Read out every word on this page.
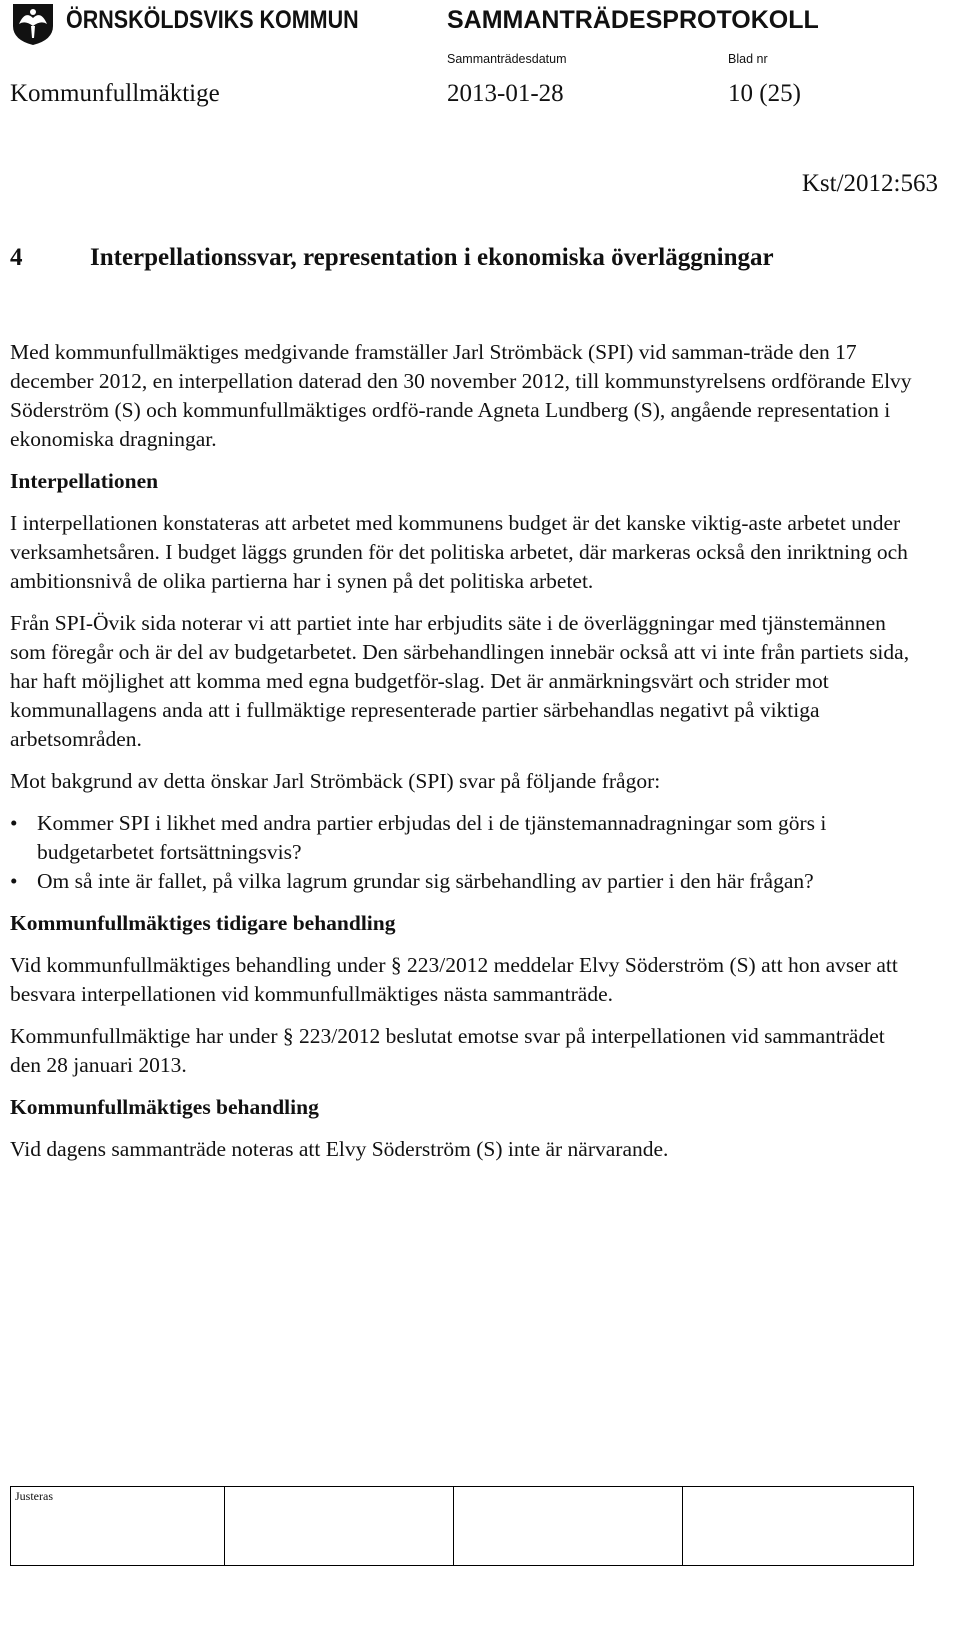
ÖRNSKÖLDSVIKS KOMMUN	SAMMANTRÄDESPROTOKOLL
Sammanträdesdatum	Blad nr
Kommunfullmäktige	2013-01-28	10 (25)
Kst/2012:563
4	Interpellationssvar, representation i ekonomiska överläggningar

Med kommunfullmäktiges medgivande framställer Jarl Strömbäck (SPI) vid samman-träde den 17 december 2012, en interpellation daterad den 30 november 2012, till kommunstyrelsens ordförande Elvy Söderström (S) och kommunfullmäktiges ordfö-rande Agneta Lundberg (S), angående representation i ekonomiska dragningar.

Interpellationen

I interpellationen konstateras att arbetet med kommunens budget är det kanske viktig-aste arbetet under verksamhetsåren. I budget läggs grunden för det politiska arbetet, där markeras också den inriktning och ambitionsnivå de olika partierna har i synen på det politiska arbetet.

Från SPI-Övik sida noterar vi att partiet inte har erbjudits säte i de överläggningar med tjänstemännen som föregår och är del av budgetarbetet. Den särbehandlingen innebär också att vi inte från partiets sida, har haft möjlighet att komma med egna budgetför-slag. Det är anmärkningsvärt och strider mot kommunallagens anda att i fullmäktige representerade partier särbehandlas negativt på viktiga arbetsområden.

Mot bakgrund av detta önskar Jarl Strömbäck (SPI) svar på följande frågor:

• Kommer SPI i likhet med andra partier erbjudas del i de tjänstemannadragningar som görs i budgetarbetet fortsättningsvis?
• Om så inte är fallet, på vilka lagrum grundar sig särbehandling av partier i den här frågan?

Kommunfullmäktiges tidigare behandling

Vid kommunfullmäktiges behandling under § 223/2012 meddelar Elvy Söderström (S) att hon avser att besvara interpellationen vid kommunfullmäktiges nästa sammanträde.

Kommunfullmäktige har under § 223/2012 beslutat emotse svar på interpellationen vid sammanträdet den 28 januari 2013.

Kommunfullmäktiges behandling

Vid dagens sammanträde noteras att Elvy Söderström (S) inte är närvarande.

Justeras			
